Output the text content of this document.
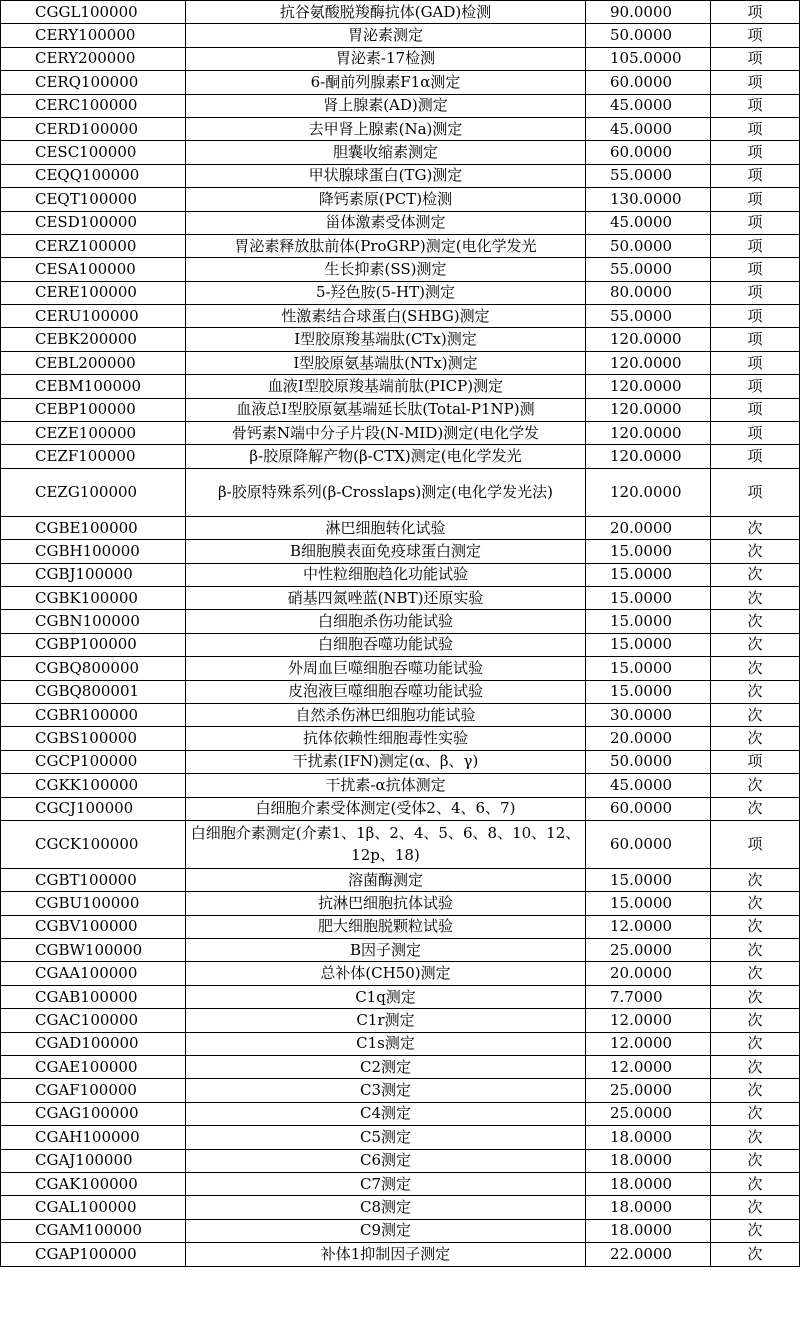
CGGL100000	抗谷氨酸脱羧酶抗体(GAD)检测	90.0000	项
CERY100000	胃泌素测定	50.0000	项
CERY200000	胃泌素-17检测	105.0000	项
CERQ100000	6-酮前列腺素F1α测定	60.0000	项
CERC100000	肾上腺素(AD)测定	45.0000	项
CERD100000	去甲肾上腺素(Na)测定	45.0000	项
CESC100000	胆囊收缩素测定	60.0000	项
CEQQ100000	甲状腺球蛋白(TG)测定	55.0000	项
CEQT100000	降钙素原(PCT)检测	130.0000	项
CESD100000	甾体激素受体测定	45.0000	项
CERZ100000	胃泌素释放肽前体(ProGRP)测定(电化学发光	50.0000	项
CESA100000	生长抑素(SS)测定	55.0000	项
CERE100000	5-羟色胺(5-HT)测定	80.0000	项
CERU100000	性激素结合球蛋白(SHBG)测定	55.0000	项
CEBK200000	Ⅰ型胶原羧基端肽(CTx)测定	120.0000	项
CEBL200000	Ⅰ型胶原氨基端肽(NTx)测定	120.0000	项
CEBM100000	血液Ⅰ型胶原羧基端前肽(PICP)测定	120.0000	项
CEBP100000	血液总Ⅰ型胶原氨基端延长肽(Total-P1NP)测	120.0000	项
CEZE100000	骨钙素N端中分子片段(N-MID)测定(电化学发	120.0000	项
CEZF100000	β-胶原降解产物(β-CTX)测定(电化学发光	120.0000	项
CEZG100000	β-胶原特殊系列(β-Crosslaps)测定(电化学发光法)	120.0000	项
CGBE100000	淋巴细胞转化试验	20.0000	次
CGBH100000	B细胞膜表面免疫球蛋白测定	15.0000	次
CGBJ100000	中性粒细胞趋化功能试验	15.0000	次
CGBK100000	硝基四氮唑蓝(NBT)还原实验	15.0000	次
CGBN100000	白细胞杀伤功能试验	15.0000	次
CGBP100000	白细胞吞噬功能试验	15.0000	次
CGBQ800000	外周血巨噬细胞吞噬功能试验	15.0000	次
CGBQ800001	皮泡液巨噬细胞吞噬功能试验	15.0000	次
CGBR100000	自然杀伤淋巴细胞功能试验	30.0000	次
CGBS100000	抗体依赖性细胞毒性实验	20.0000	次
CGCP100000	干扰素(IFN)测定(α、β、γ)	50.0000	项
CGKK100000	干扰素-α抗体测定	45.0000	次
CGCJ100000	白细胞介素受体测定(受体2、4、6、7)	60.0000	次
CGCK100000	白细胞介素测定(介素1、1β、2、4、5、6、8、10、12、12p、18)	60.0000	项
CGBT100000	溶菌酶测定	15.0000	次
CGBU100000	抗淋巴细胞抗体试验	15.0000	次
CGBV100000	肥大细胞脱颗粒试验	12.0000	次
CGBW100000	B因子测定	25.0000	次
CGAA100000	总补体(CH50)测定	20.0000	次
CGAB100000	C1q测定	7.7000	次
CGAC100000	C1r测定	12.0000	次
CGAD100000	C1s测定	12.0000	次
CGAE100000	C2测定	12.0000	次
CGAF100000	C3测定	25.0000	次
CGAG100000	C4测定	25.0000	次
CGAH100000	C5测定	18.0000	次
CGAJ100000	C6测定	18.0000	次
CGAK100000	C7测定	18.0000	次
CGAL100000	C8测定	18.0000	次
CGAM100000	C9测定	18.0000	次
CGAP100000	补体1抑制因子测定	22.0000	次
